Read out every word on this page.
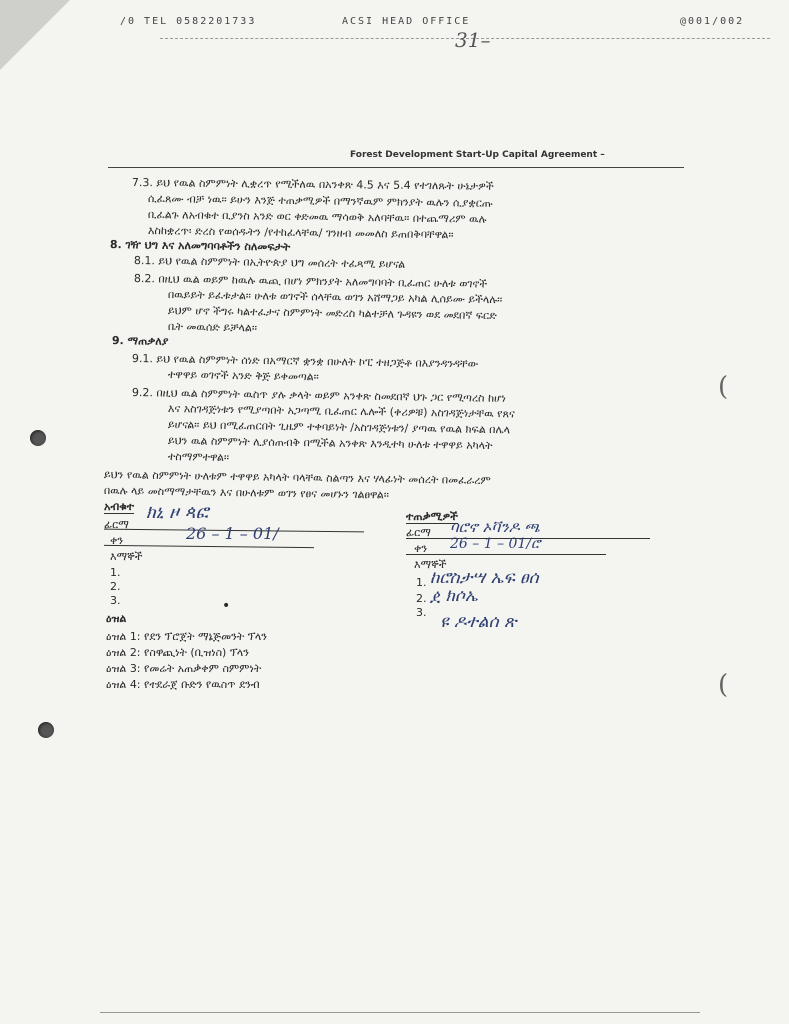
/0 TEL 0582201733	ACSI HEAD OFFICE	@001/002
31–
(
(
Forest Development Start-Up Capital Agreement –
7.3. ይህ የዉል ስምምነት ሊቋረጥ የሚችለዉ በአንቀጽ 4.5 እና 5.4 የተገለጹት ሁኔታዎች
ሲፈጸሙ ብቻ ነዉ። ይሁን እንጅ ተጠቃሚዎች በማንኛዉም ምክንያት ዉሉን ሲያቋርጡ
ቢፈልጉ ለአብቁተ ቢያንስ አንድ ወር ቀድመዉ ማሳወቅ አለባቸዉ። በተጨማሪም ዉሉ
እስከቋረጥ፡ ድረስ የወሰዱትን /የተከፈላቸዉ/ ገንዘብ መመለስ ይጠበቅባቸዋል።
8. ገዥ ህግ እና አለመግባባቶችን ስለመፍታት
8.1. ይህ የዉል ስምምነት በኢትዮጵያ ህግ መሰረት ተፈጻሚ ይሆናል
8.2. በዚህ ዉል ወይም ከዉሉ ዉጪ በሆነ ምክንያት አለመግባባት ቢፈጠር ሁለቱ ወገኖች
በዉይይት ይፈቱታል። ሁለቱ ወገኖች ሰላቸዉ ወገን አሸማጋይ አካል ሊሰይሙ ይችላሉ።
ይህም ሆኖ ችግሩ ካልተፈታና ስምምነት መድረስ ካልተቻለ ጉዳዩን ወደ መደበኛ ፍርድ
ቤት መዉሰድ ይቻላል።
9. ማጠቃለያ
9.1. ይህ የዉል ስምምነት ሰነድ በአማርኛ ቋንቋ በሁለት ኮፒ ተዘጋጅቶ በእያንዳንዳቸው
ተዋዋይ ወገኖች አንድ ቅጅ ይቀመጣል።
9.2. በዚህ ዉል ስምምነት ዉስጥ ያሉ ቃላት ወይም አንቀጽ ስመደበኛ ህጉ ጋር የሚጣረስ ከሆነ
እና አስገዳጅነቱን የሚያጣበት አጋጣሚ ቢፈጠር ሌሎች (ቀሪዎቹ) አስገዳጅነታቸዉ የጸና
ይሆናል። ይህ በሚፈጠርበት ጊዜም ተቀባይነት /አስገዳጅነቱን/ ያጣዉ የዉል ክፍል በሌላ
ይህን ዉል ስምምነት ሊያሰጠብቅ በሚችል አንቀጽ እንዲተካ ሁለቱ ተዋዋይ አካላት
ተስማምተዋል።
ይህን የዉል ስምምነት ሁለቱም ተዋዋይ አካላት ባላቸዉ ስልጣን እና ሃላፊነት መሰረት በመፈራረም
በዉሉ ላይ መስማማታቸዉን እና በሁለቱም ወገን የፀና መሆኑን ገልፀዋል።
አብቁተ
ፊርማ
ክኒ ዞ ጳፎ
ቀን	26 – 1 – 01/
እማኞች
1.
2.
3.	•
ተጠቃሚዎች
ፊርማ ባሮኖ ኦቫንዶ ጫ
ቀን 26 – 1 – 01/ሮ
እማኞች
1. ከሮስታሣ ኤፍ ፀሰ
2. ዸ ክሶኤ
3. ዩ ዶተልሰ ጽ
ዕዝል
ዕዝል 1: የደን ፕሮጀት ማኔጅመንት ፕላን
ዕዝል 2: የስዋጪነት (ቢዝነስ) ፕላን
ዕዝል 3: የመሬት አጠቃቀም ስምምነት
ዕዝል 4: የተደራጀ ቡድን የዉስጥ ደንብ
